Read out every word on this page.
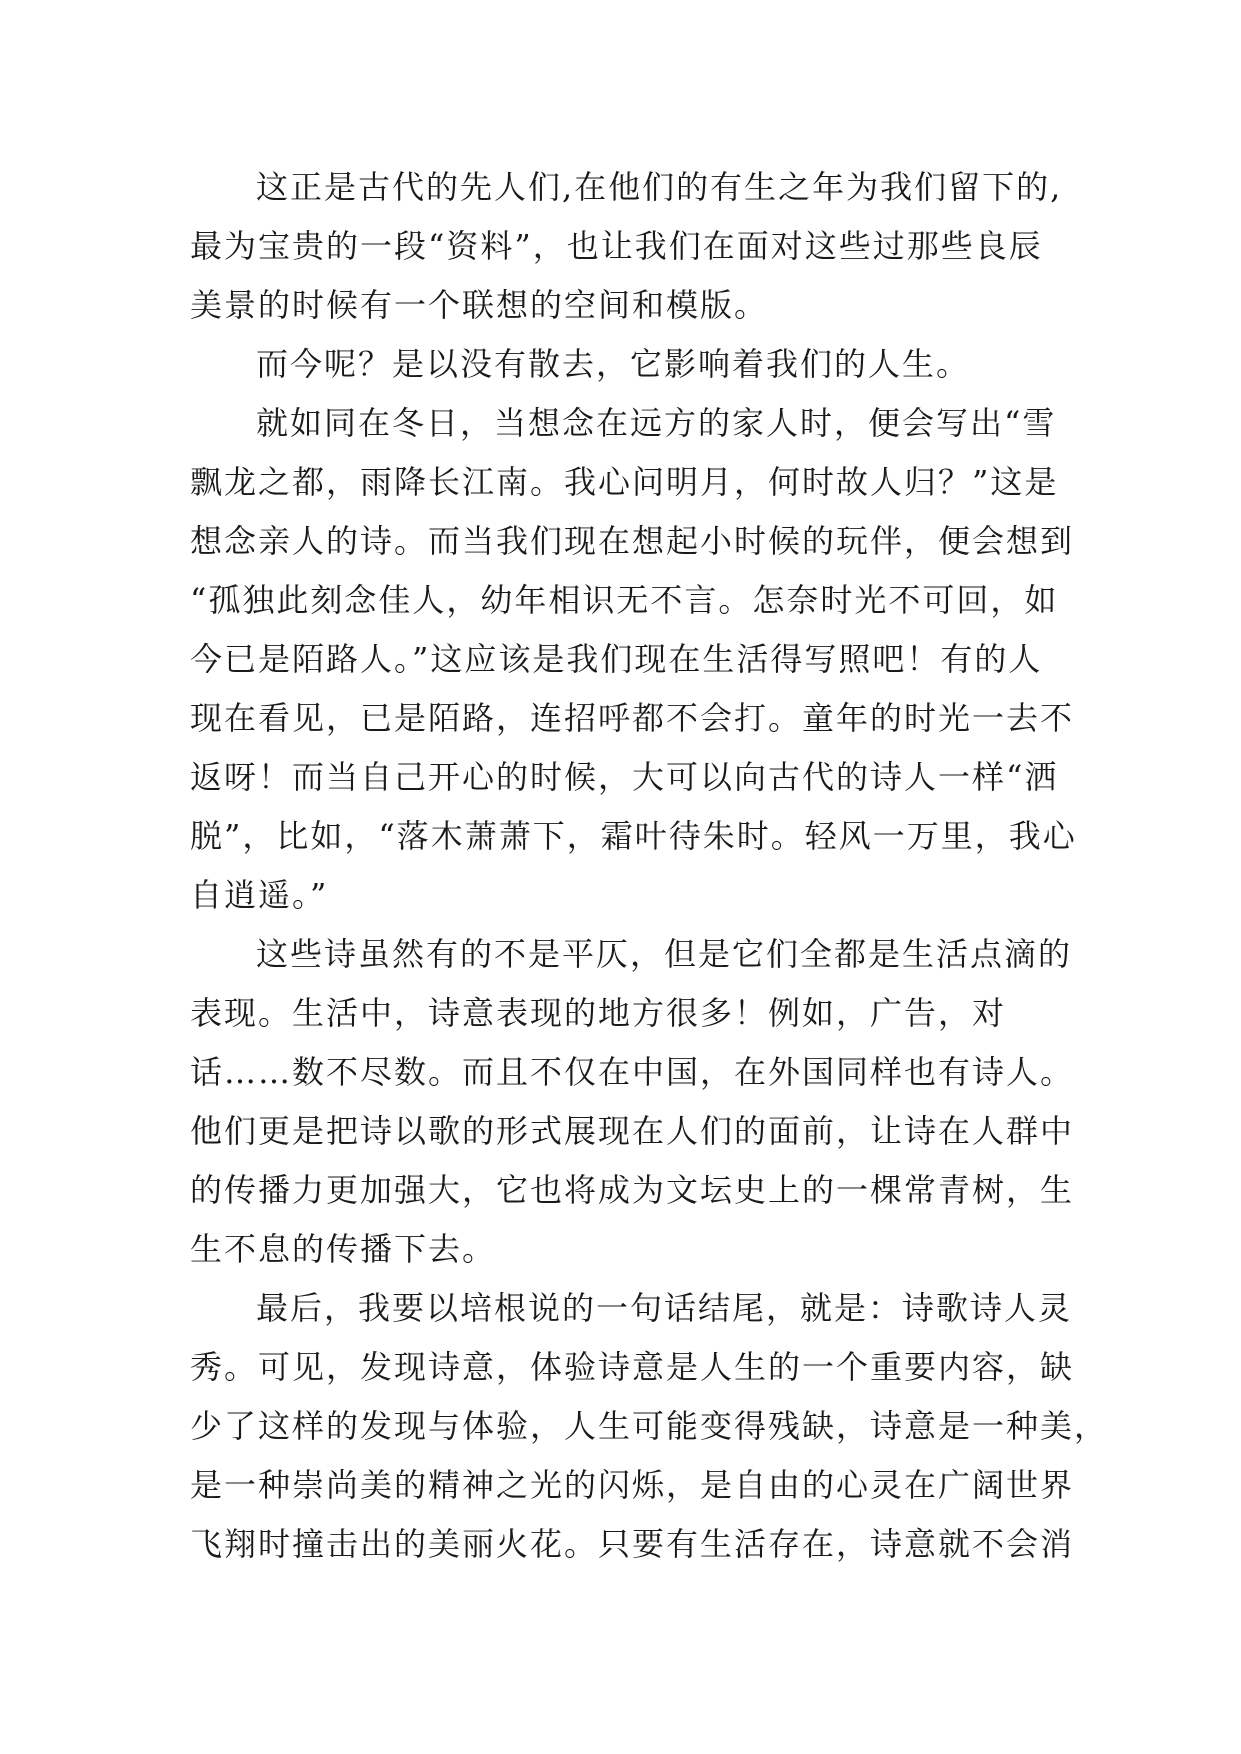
这正是古代的先人们,在他们的有生之年为我们留下的,
最为宝贵的一段“资料”，也让我们在面对这些过那些良辰
美景的时候有一个联想的空间和模版。
而今呢？是以没有散去，它影响着我们的人生。
就如同在冬日，当想念在远方的家人时，便会写出“雪
飘龙之都，雨降长江南。我心问明月，何时故人归？”这是
想念亲人的诗。而当我们现在想起小时候的玩伴，便会想到
“孤独此刻念佳人，幼年相识无不言。怎奈时光不可回，如
今已是陌路人。”这应该是我们现在生活得写照吧！有的人
现在看见，已是陌路，连招呼都不会打。童年的时光一去不
返呀！而当自己开心的时候，大可以向古代的诗人一样“洒
脱”，比如，“落木萧萧下，霜叶待朱时。轻风一万里，我心
自逍遥。”
这些诗虽然有的不是平仄，但是它们全都是生活点滴的
表现。生活中，诗意表现的地方很多！例如，广告，对
话……数不尽数。而且不仅在中国，在外国同样也有诗人。
他们更是把诗以歌的形式展现在人们的面前，让诗在人群中
的传播力更加强大，它也将成为文坛史上的一棵常青树，生
生不息的传播下去。
最后，我要以培根说的一句话结尾，就是：诗歌诗人灵
秀。可见，发现诗意，体验诗意是人生的一个重要内容，缺
少了这样的发现与体验，人生可能变得残缺，诗意是一种美，
是一种崇尚美的精神之光的闪烁，是自由的心灵在广阔世界
飞翔时撞击出的美丽火花。只要有生活存在，诗意就不会消
